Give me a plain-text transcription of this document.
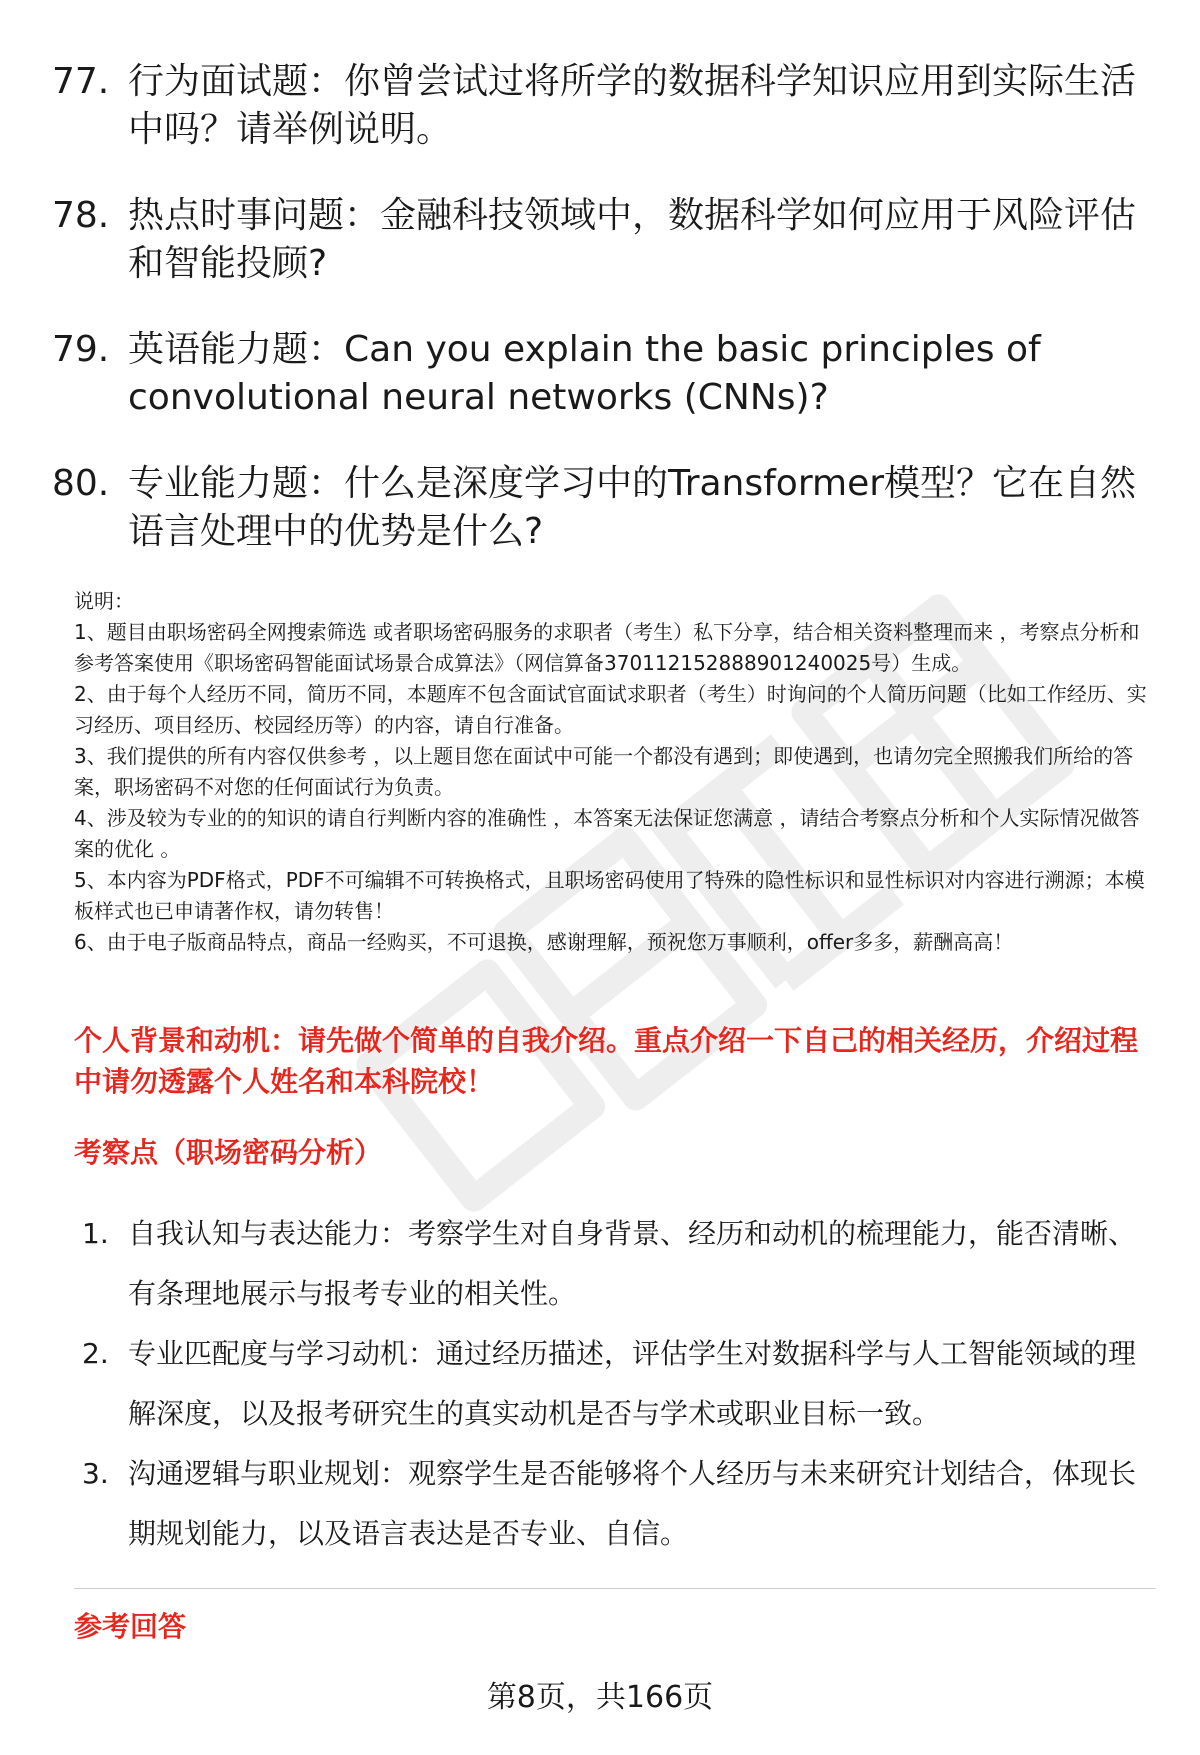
77. 行为面试题：你曾尝试过将所学的数据科学知识应用到实际生活中吗？请举例说明。
78. 热点时事问题：金融科技领域中，数据科学如何应用于风险评估和智能投顾?
79. 英语能力题：Can you explain the basic principles of convolutional neural networks (CNNs)?
80. 专业能力题：什么是深度学习中的Transformer模型？它在自然语言处理中的优势是什么?

说明：

1、题目由职场密码全网搜索筛选 或者职场密码服务的求职者（考生）私下分享，结合相关资料整理而来 ，考察点分析和参考答案使用《职场密码智能面试场景合成算法》（网信算备370112152888901240025号）生成。

2、由于每个人经历不同，简历不同，本题库不包含面试官面试求职者（考生）时询问的个人简历问题（比如工作经历、实习经历、项目经历、校园经历等）的内容，请自行准备。

3、我们提供的所有内容仅供参考 ，以上题目您在面试中可能一个都没有遇到；即使遇到，也请勿完全照搬我们所给的答案，职场密码不对您的任何面试行为负责。

4、涉及较为专业的的知识的请自行判断内容的准确性 ，本答案无法保证您满意 ，请结合考察点分析和个人实际情况做答案的优化 。

5、本内容为PDF格式，PDF不可编辑不可转换格式，且职场密码使用了特殊的隐性标识和显性标识对内容进行溯源；本模板样式也已申请著作权，请勿转售！

6、由于电子版商品特点，商品一经购买，不可退换，感谢理解，预祝您万事顺利，offer多多，薪酬高高！

个人背景和动机：请先做个简单的自我介绍。重点介绍一下自己的相关经历，介绍过程中请勿透露个人姓名和本科院校！
考察点（职场密码分析）
1. 自我认知与表达能力：考察学生对自身背景、经历和动机的梳理能力，能否清晰、有条理地展示与报考专业的相关性。
2. 专业匹配度与学习动机：通过经历描述，评估学生对数据科学与人工智能领域的理解深度，以及报考研究生的真实动机是否与学术或职业目标一致。
3. 沟通逻辑与职业规划：观察学生是否能够将个人经历与未来研究计划结合，体现长期规划能力，以及语言表达是否专业、自信。
参考回答
第8页，共166页
